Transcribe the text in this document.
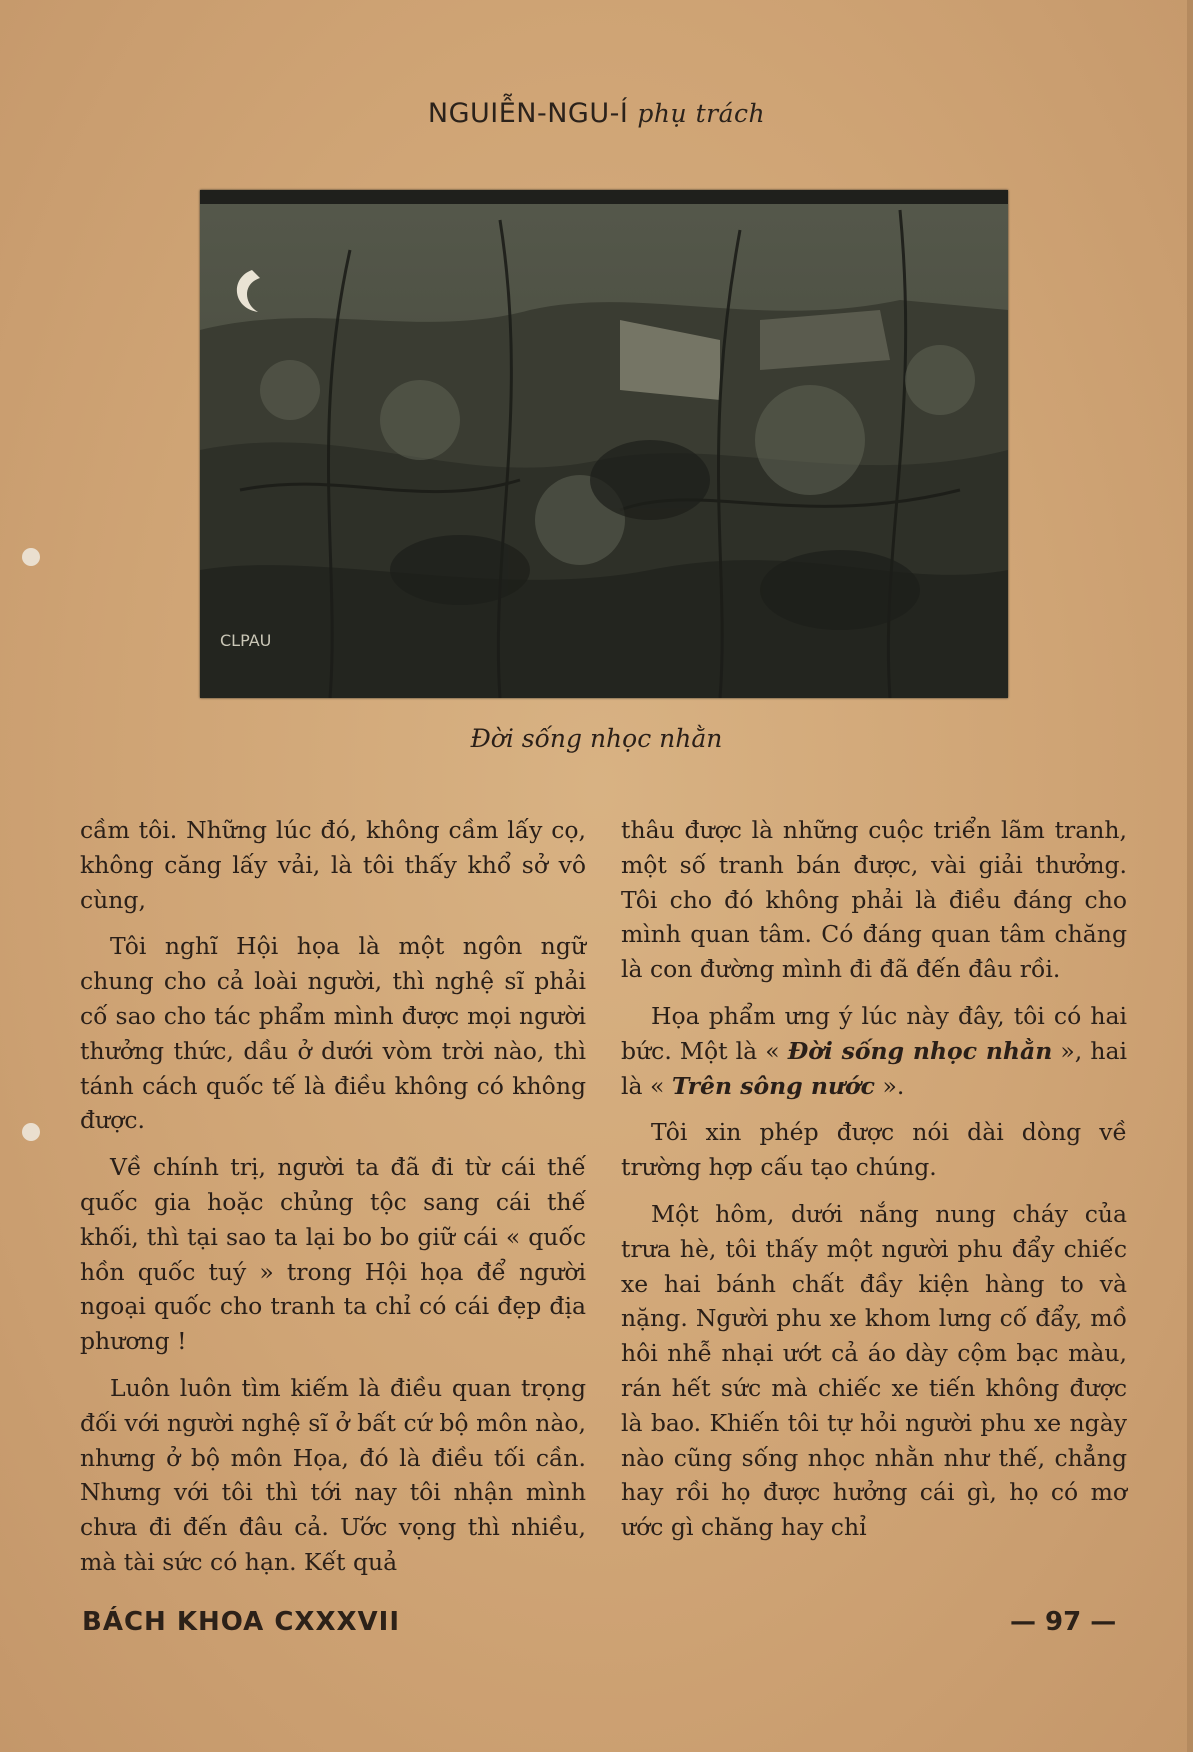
NGUIỄN-NGU-Í phụ trách
CLPAU
Đời sống nhọc nhằn

cầm tôi. Những lúc đó, không cầm lấy cọ, không căng lấy vải, là tôi thấy khổ sở vô cùng,

Tôi nghĩ Hội họa là một ngôn ngữ chung cho cả loài người, thì nghệ sĩ phải cố sao cho tác phẩm mình được mọi người thưởng thức, dầu ở dưới vòm trời nào, thì tánh cách quốc tế là điều không có không được.

Về chính trị, người ta đã đi từ cái thế quốc gia hoặc chủng tộc sang cái thế khối, thì tại sao ta lại bo bo giữ cái « quốc hồn quốc tuý » trong Hội họa để người ngoại quốc cho tranh ta chỉ có cái đẹp địa phương !

Luôn luôn tìm kiếm là điều quan trọng đối với người nghệ sĩ ở bất cứ bộ môn nào, nhưng ở bộ môn Họa, đó là điều tối cần. Nhưng với tôi thì tới nay tôi nhận mình chưa đi đến đâu cả. Ước vọng thì nhiều, mà tài sức có hạn. Kết quả

thâu được là những cuộc triển lãm tranh, một số tranh bán được, vài giải thưởng. Tôi cho đó không phải là điều đáng cho mình quan tâm. Có đáng quan tâm chăng là con đường mình đi đã đến đâu rồi.

Họa phẩm ưng ý lúc này đây, tôi có hai bức. Một là « Đời sống nhọc nhằn », hai là « Trên sông nước ».

Tôi xin phép được nói dài dòng về trường hợp cấu tạo chúng.

Một hôm, dưới nắng nung cháy của trưa hè, tôi thấy một người phu đẩy chiếc xe hai bánh chất đầy kiện hàng to và nặng. Người phu xe khom lưng cố đẩy, mồ hôi nhễ nhại ướt cả áo dày cộm bạc màu, rán hết sức mà chiếc xe tiến không được là bao. Khiến tôi tự hỏi người phu xe ngày nào cũng sống nhọc nhằn như thế, chẳng hay rồi họ được hưởng cái gì, họ có mơ ước gì chăng hay chỉ

BÁCH KHOA CXXXVII	— 97 —
